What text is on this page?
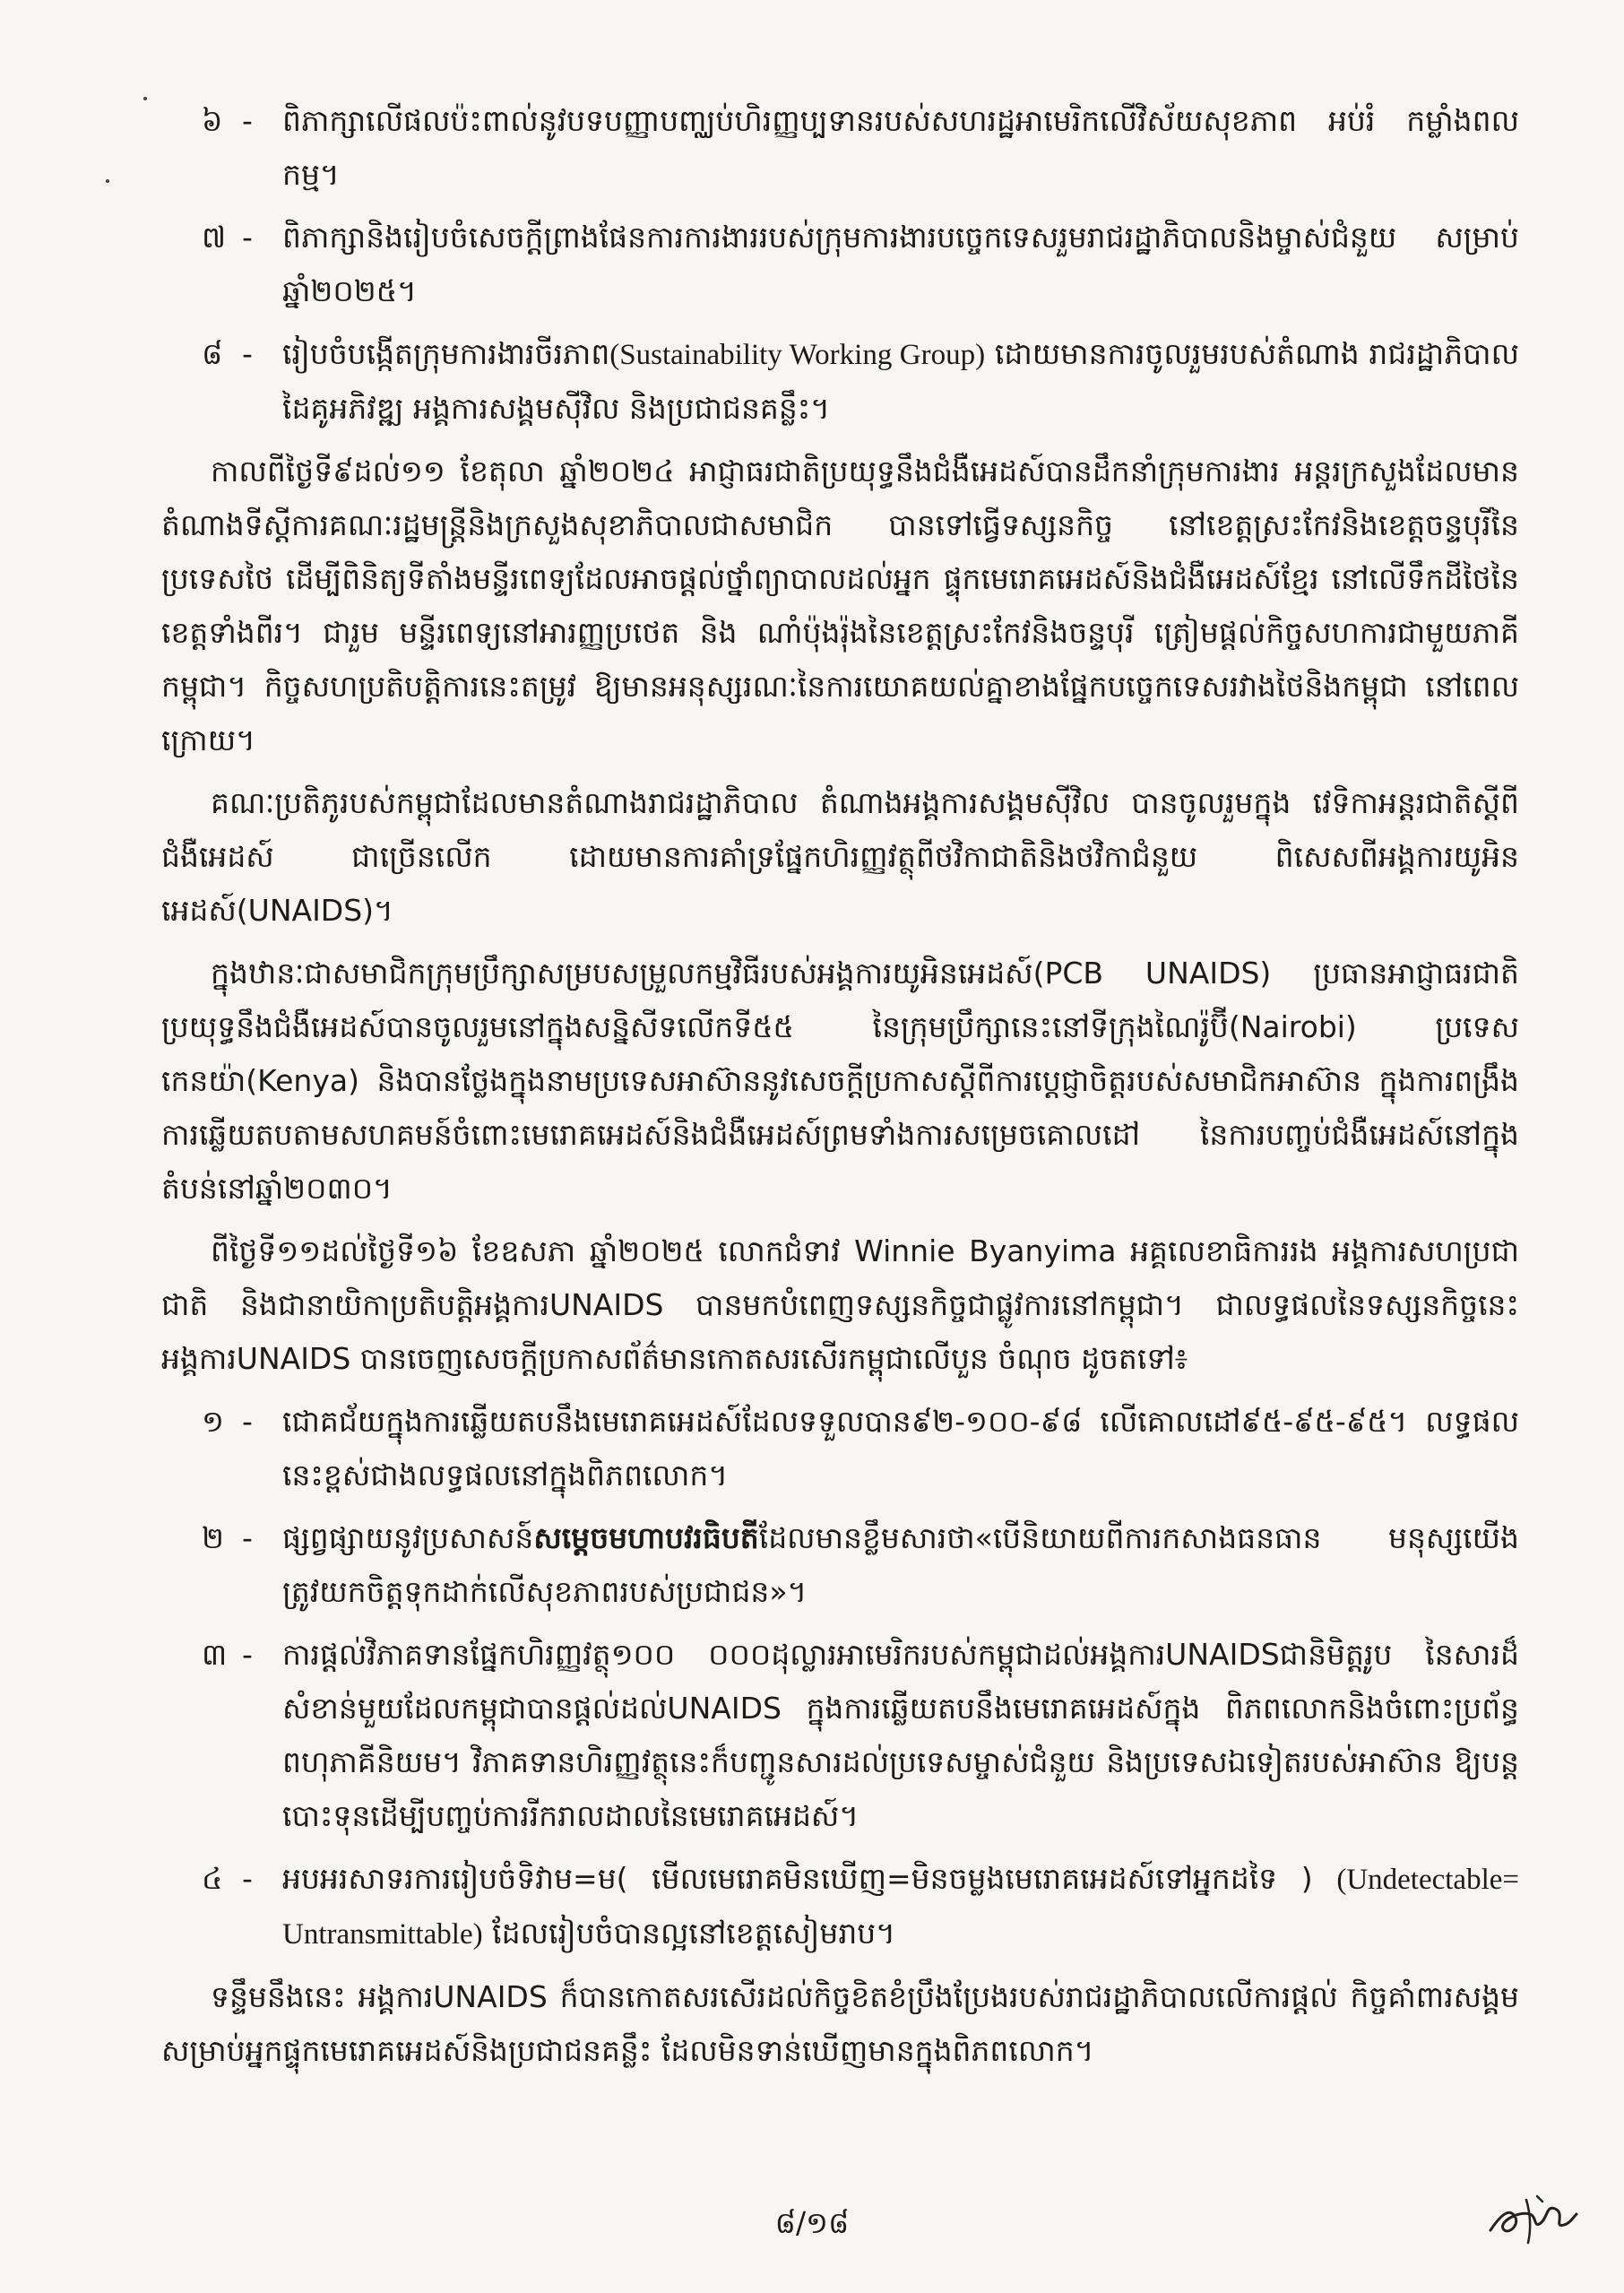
៦ -	ពិភាក្សាលើផលប៉ះពាល់នូវបទបញ្ញាបញ្ឈប់ហិរញ្ញប្បទានរបស់សហរដ្ឋអាមេរិកលើវិស័យសុខភាព អប់រំ កម្លាំងពលកម្ម។
៧ -	ពិភាក្សានិងរៀបចំសេចក្តីព្រាងផែនការការងាររបស់ក្រុមការងារបច្ចេកទេសរួមរាជរដ្ឋាភិបាលនិងម្ចាស់ជំនួយ សម្រាប់ឆ្នាំ២០២៥។
៨ -	រៀបចំបង្កើតក្រុមការងារចីរភាព(Sustainability Working Group) ដោយមានការចូលរួមរបស់តំណាង រាជរដ្ឋាភិបាល ដៃគូអភិវឌ្ឍ អង្គការសង្គមស៊ីវិល និងប្រជាជនគន្លឹះ។

កាលពីថ្ងៃទី៩ដល់១១ ខែតុលា ឆ្នាំ២០២៤ អាជ្ញាធរជាតិប្រយុទ្ធនឹងជំងឺអេដស៍បានដឹកនាំក្រុមការងារ អន្តរក្រសួងដែលមានតំណាងទីស្តីការគណៈរដ្ឋមន្ត្រីនិងក្រសួងសុខាភិបាលជាសមាជិក បានទៅធ្វើទស្សនកិច្ច នៅខេត្តស្រះកែវនិងខេត្តចន្ទបុរីនៃប្រទេសថៃ ដើម្បីពិនិត្យទីតាំងមន្ទីរពេទ្យដែលអាចផ្តល់ថ្នាំព្យាបាលដល់អ្នក ផ្ទុកមេរោគអេដស៍និងជំងឺអេដស៍ខ្មែរ នៅលើទឹកដីថៃនៃខេត្តទាំងពីរ។ ជារួម មន្ទីរពេទ្យនៅអារញ្ញប្រថេត និង ណាំប៉ុងរ៉ុងនៃខេត្តស្រះកែវនិងចន្ទបុរី ត្រៀមផ្តល់កិច្ចសហការជាមួយភាគីកម្ពុជា។ កិច្ចសហប្រតិបត្តិការនេះតម្រូវ ឱ្យមានអនុស្សរណៈនៃការយោគយល់គ្នាខាងផ្នែកបច្ចេកទេសរវាងថៃនិងកម្ពុជា នៅពេលក្រោយ។

គណៈប្រតិភូរបស់កម្ពុជាដែលមានតំណាងរាជរដ្ឋាភិបាល តំណាងអង្គការសង្គមស៊ីវិល បានចូលរួមក្នុង វេទិកាអន្តរជាតិស្តីពីជំងឺអេដស៍ ជាច្រើនលើក ដោយមានការគាំទ្រផ្នែកហិរញ្ញវត្ថុពីថវិកាជាតិនិងថវិកាជំនួយ ពិសេសពីអង្គការយូអិនអេដស៍(UNAIDS)។

ក្នុងឋានៈជាសមាជិកក្រុមប្រឹក្សាសម្របសម្រួលកម្មវិធីរបស់អង្គការយូអិនអេដស៍(PCB UNAIDS) ប្រធានអាជ្ញាធរជាតិ ប្រយុទ្ធនឹងជំងឺអេដស៍បានចូលរួមនៅក្នុងសន្និសីទលើកទី៥៥ នៃក្រុមប្រឹក្សានេះនៅទីក្រុងណៃរ៉ូប៊ី(Nairobi) ប្រទេស កេនយ៉ា(Kenya) និងបានថ្លែងក្នុងនាមប្រទេសអាស៊ាននូវសេចក្តីប្រកាសស្តីពីការប្តេជ្ញាចិត្តរបស់សមាជិកអាស៊ាន ក្នុងការពង្រឹងការឆ្លើយតបតាមសហគមន៍ចំពោះមេរោគអេដស៍និងជំងឺអេដស៍ព្រមទាំងការសម្រេចគោលដៅ នៃការបញ្ចប់ជំងឺអេដស៍នៅក្នុងតំបន់នៅឆ្នាំ២០៣០។

ពីថ្ងៃទី១១ដល់ថ្ងៃទី១៦ ខែឧសភា ឆ្នាំ២០២៥ លោកជំទាវ Winnie Byanyima អគ្គលេខាធិការរង អង្គការសហប្រជាជាតិ និងជានាយិកាប្រតិបត្តិអង្គការUNAIDS បានមកបំពេញទស្សនកិច្ចជាផ្លូវការនៅកម្ពុជា។ ជាលទ្ធផលនៃទស្សនកិច្ចនេះ អង្គការUNAIDS បានចេញសេចក្តីប្រកាសព័ត៌មានកោតសរសើរកម្ពុជាលើបួន ចំណុច ដូចតទៅ៖

១ -	ជោគជ័យក្នុងការឆ្លើយតបនឹងមេរោគអេដស៍ដែលទទួលបាន៩២-១០០-៩៨ លើគោលដៅ៩៥-៩៥-៩៥។ លទ្ធផលនេះខ្ពស់ជាងលទ្ធផលនៅក្នុងពិភពលោក។
២ -	ផ្សព្វផ្សាយនូវប្រសាសន៍សម្តេចមហាបវរធិបតីដែលមានខ្លឹមសារថា«បើនិយាយពីការកសាងធនធាន មនុស្សយើងត្រូវយកចិត្តទុកដាក់លើសុខភាពរបស់ប្រជាជន»។
៣ -	ការផ្តល់វិភាគទានផ្នែកហិរញ្ញវត្ថុ១០០ ០០០ដុល្លារអាមេរិករបស់កម្ពុជាដល់អង្គការUNAIDSជានិមិត្តរូប នៃសារដ៏សំខាន់មួយដែលកម្ពុជាបានផ្តល់ដល់UNAIDS ក្នុងការឆ្លើយតបនឹងមេរោគអេដស៍ក្នុង ពិភពលោកនិងចំពោះប្រព័ន្ធពហុភាគីនិយម។ វិភាគទានហិរញ្ញវត្ថុនេះក៏បញ្ជូនសារដល់ប្រទេសម្ចាស់ជំនួយ និងប្រទេសឯទៀតរបស់អាស៊ាន ឱ្យបន្តបោះទុនដើម្បីបញ្ចប់ការរីករាលដាលនៃមេរោគអេដស៍។
៤ -	អបអរសាទរការរៀបចំទិវាម=ម( មើលមេរោគមិនឃើញ=មិនចម្លងមេរោគអេដស៍ទៅអ្នកដទៃ ) (Undetectable= Untransmittable) ដែលរៀបចំបានល្អនៅខេត្តសៀមរាប។

ទន្ទឹមនឹងនេះ អង្គការUNAIDS ក៏បានកោតសរសើរដល់កិច្ចខិតខំប្រឹងប្រែងរបស់រាជរដ្ឋាភិបាលលើការផ្តល់ កិច្ចគាំពារសង្គមសម្រាប់អ្នកផ្ទុកមេរោគអេដស៍និងប្រជាជនគន្លឹះ ដែលមិនទាន់ឃើញមានក្នុងពិភពលោក។

៨/១៨
